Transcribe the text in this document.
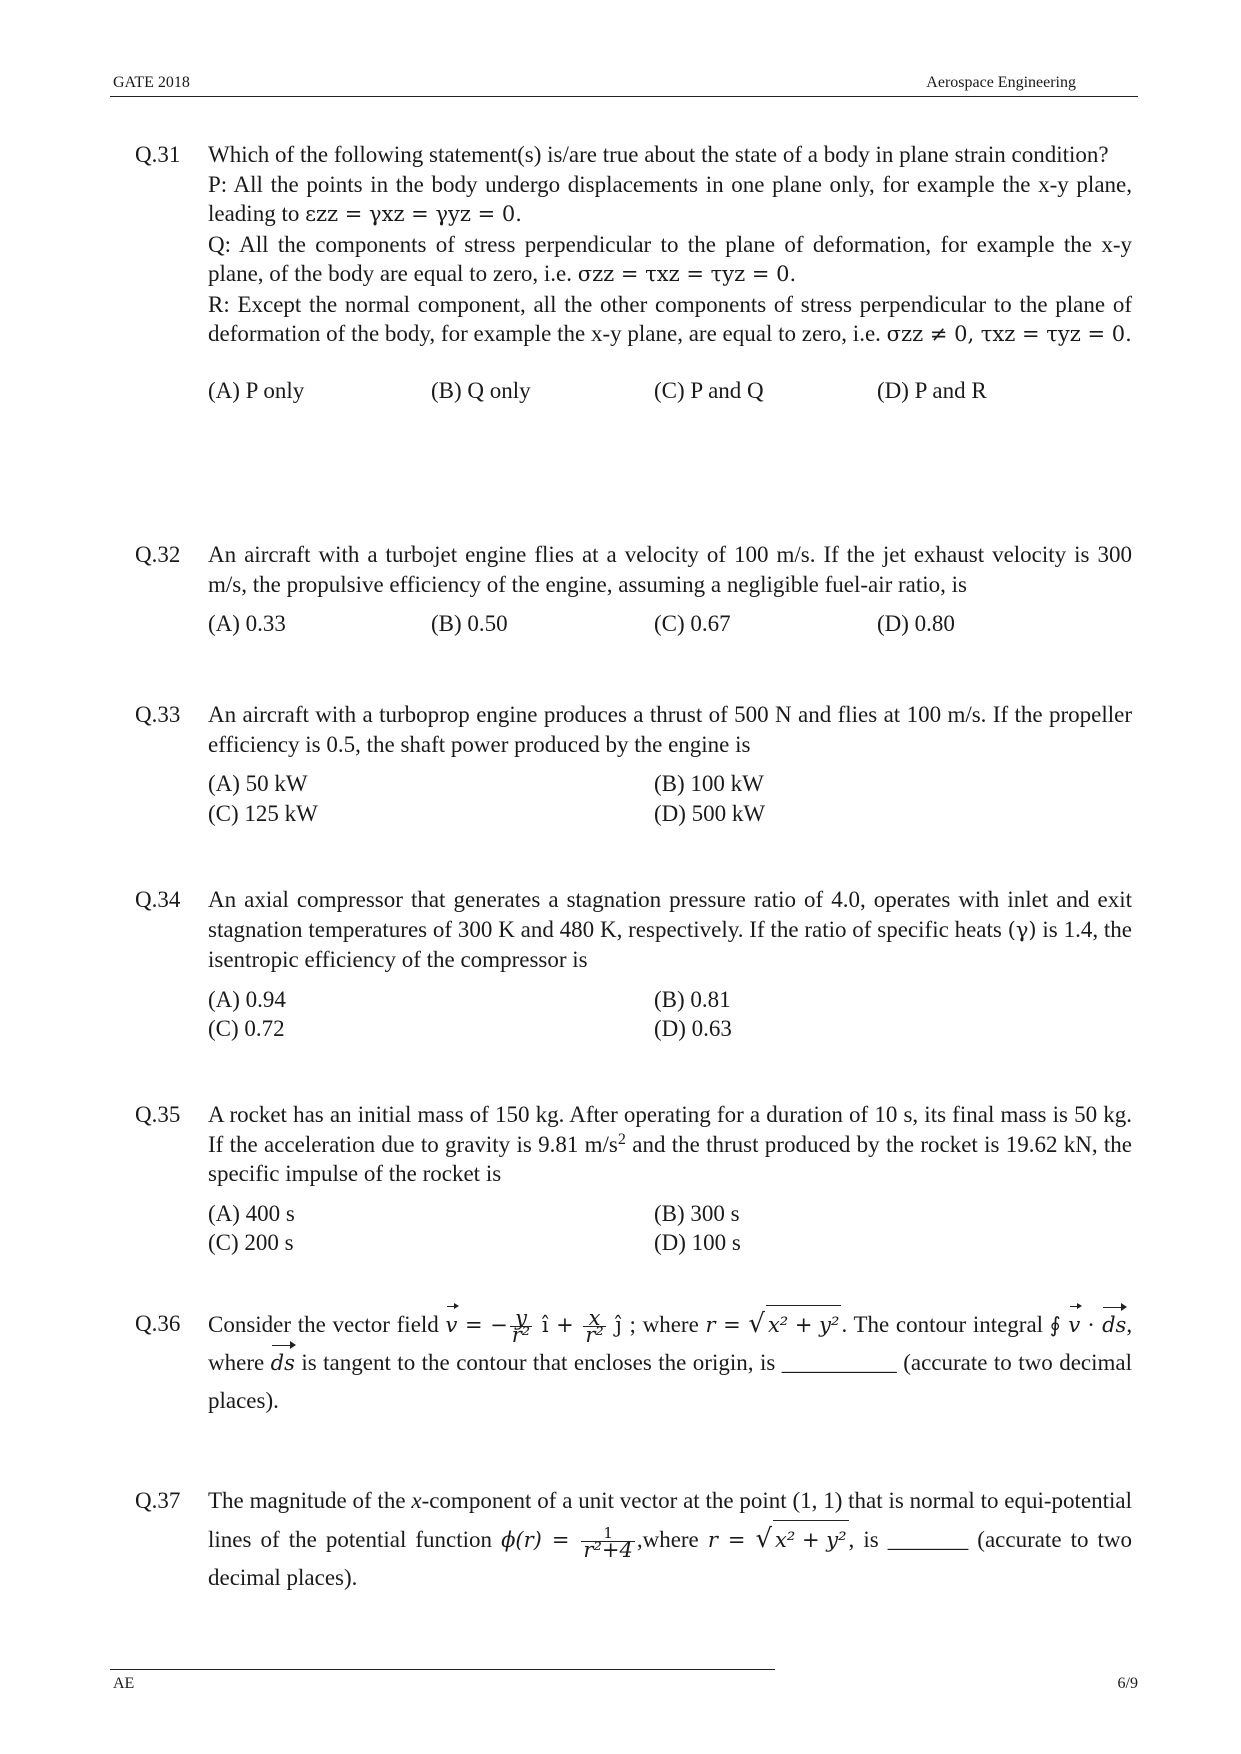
GATE 2018	Aerospace Engineering
Q.31 Which of the following statement(s) is/are true about the state of a body in plane strain condition?

P: All the points in the body undergo displacements in one plane only, for example the x-y plane, leading to εzz = γxz = γyz = 0.

Q: All the components of stress perpendicular to the plane of deformation, for example the x-y plane, of the body are equal to zero, i.e. σzz = τxz = τyz = 0.

R: Except the normal component, all the other components of stress perpendicular to the plane of deformation of the body, for example the x-y plane, are equal to zero, i.e. σzz ≠ 0, τxz = τyz = 0.

(A) P only	(B) Q only	(C) P and Q	(D) P and R
Q.32 An aircraft with a turbojet engine flies at a velocity of 100 m/s. If the jet exhaust velocity is 300 m/s, the propulsive efficiency of the engine, assuming a negligible fuel-air ratio, is

(A) 0.33	(B) 0.50	(C) 0.67	(D) 0.80
Q.33 An aircraft with a turboprop engine produces a thrust of 500 N and flies at 100 m/s. If the propeller efficiency is 0.5, the shaft power produced by the engine is

(A) 50 kW	(B) 100 kW
(C) 125 kW	(D) 500 kW
Q.34 An axial compressor that generates a stagnation pressure ratio of 4.0, operates with inlet and exit stagnation temperatures of 300 K and 480 K, respectively. If the ratio of specific heats (γ) is 1.4, the isentropic efficiency of the compressor is

(A) 0.94	(B) 0.81
(C) 0.72	(D) 0.63
Q.35 A rocket has an initial mass of 150 kg. After operating for a duration of 10 s, its final mass is 50 kg. If the acceleration due to gravity is 9.81 $m/s^2$ and the thrust produced by the rocket is 19.62 kN, the specific impulse of the rocket is

(A) 400 s	(B) 300 s
(C) 200 s	(D) 100 s
Q.36 Consider the vector field v = − $\frac{y}{\text{r²}}$ î + $\frac{x}{\text{r²}}$ ĵ ; where r = √ x² + y². The contour integral ∮ v · ds, where ds is tangent to the contour that encloses the origin, is __________ (accurate to two decimal places).

Q.37 The magnitude of the x-component of a unit vector at the point (1, 1) that is normal to equi-potential lines of the potential function $\phi(r) = \frac{1}{\text{r²+4}}$ ,where r = √ x² + y², is _______ (accurate to two decimal places).

AE	6/9
